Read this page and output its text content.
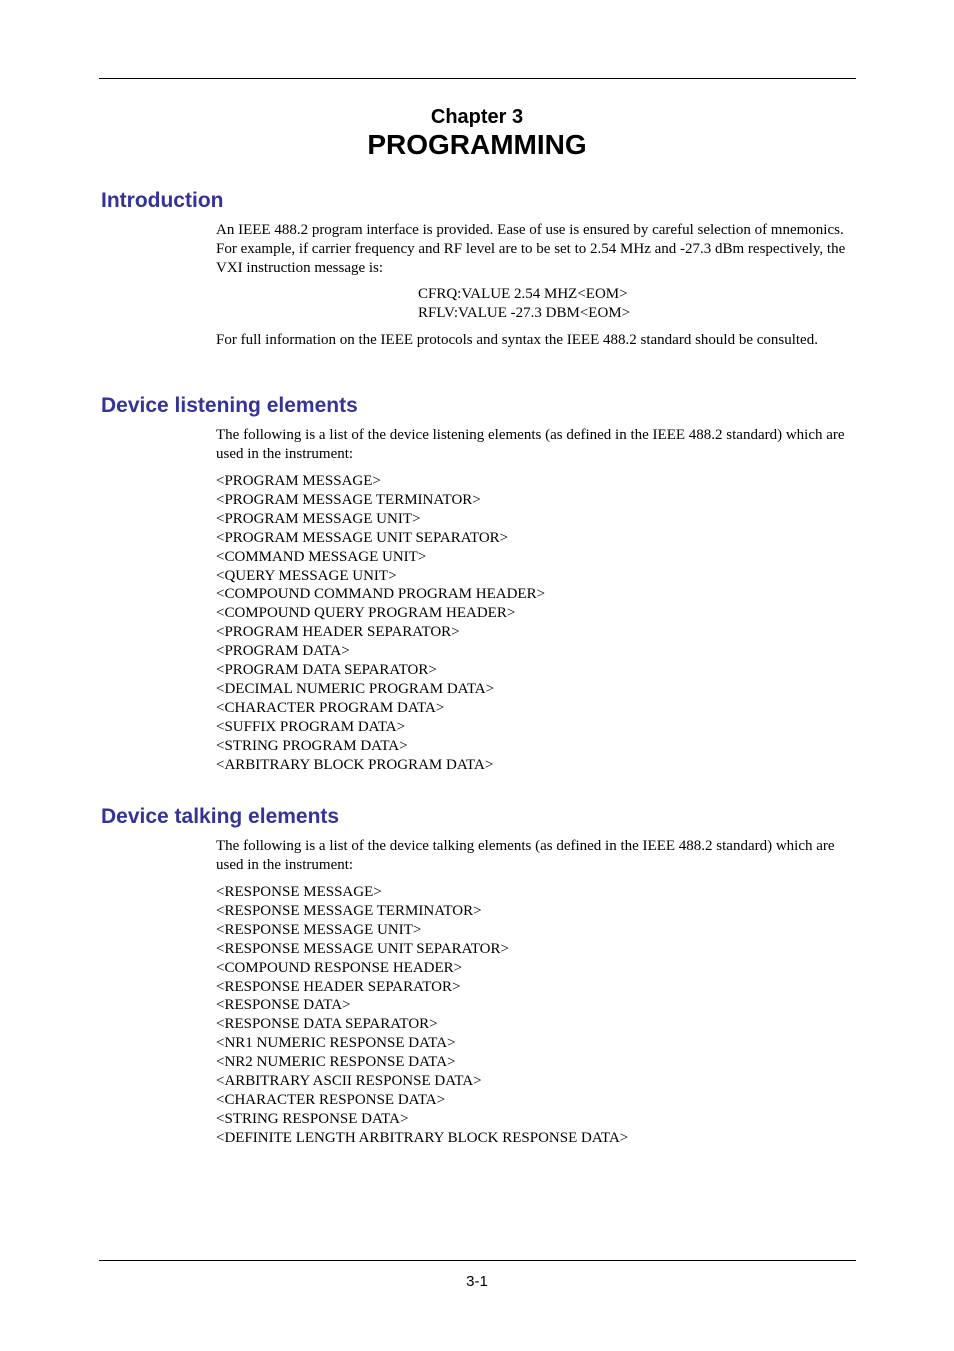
Chapter 3
PROGRAMMING
Introduction

An IEEE 488.2 program interface is provided. Ease of use is ensured by careful selection of mnemonics. For example, if carrier frequency and RF level are to be set to 2.54 MHz and -27.3 dBm respectively, the VXI instruction message is:

CFRQ:VALUE 2.54 MHZ<EOM>
RFLV:VALUE -27.3 DBM<EOM>

For full information on the IEEE protocols and syntax the IEEE 488.2 standard should be consulted.

Device listening elements

The following is a list of the device listening elements (as defined in the IEEE 488.2 standard) which are used in the instrument:

<PROGRAM MESSAGE>
<PROGRAM MESSAGE TERMINATOR>
<PROGRAM MESSAGE UNIT>
<PROGRAM MESSAGE UNIT SEPARATOR>
<COMMAND MESSAGE UNIT>
<QUERY MESSAGE UNIT>
<COMPOUND COMMAND PROGRAM HEADER>
<COMPOUND QUERY PROGRAM HEADER>
<PROGRAM HEADER SEPARATOR>
<PROGRAM DATA>
<PROGRAM DATA SEPARATOR>
<DECIMAL NUMERIC PROGRAM DATA>
<CHARACTER PROGRAM DATA>
<SUFFIX PROGRAM DATA>
<STRING PROGRAM DATA>
<ARBITRARY BLOCK PROGRAM DATA>
Device talking elements

The following is a list of the device talking elements (as defined in the IEEE 488.2 standard) which are used in the instrument:

<RESPONSE MESSAGE>
<RESPONSE MESSAGE TERMINATOR>
<RESPONSE MESSAGE UNIT>
<RESPONSE MESSAGE UNIT SEPARATOR>
<COMPOUND RESPONSE HEADER>
<RESPONSE HEADER SEPARATOR>
<RESPONSE DATA>
<RESPONSE DATA SEPARATOR>
<NR1 NUMERIC RESPONSE DATA>
<NR2 NUMERIC RESPONSE DATA>
<ARBITRARY ASCII RESPONSE DATA>
<CHARACTER RESPONSE DATA>
<STRING RESPONSE DATA>
<DEFINITE LENGTH ARBITRARY BLOCK RESPONSE DATA>
3-1
